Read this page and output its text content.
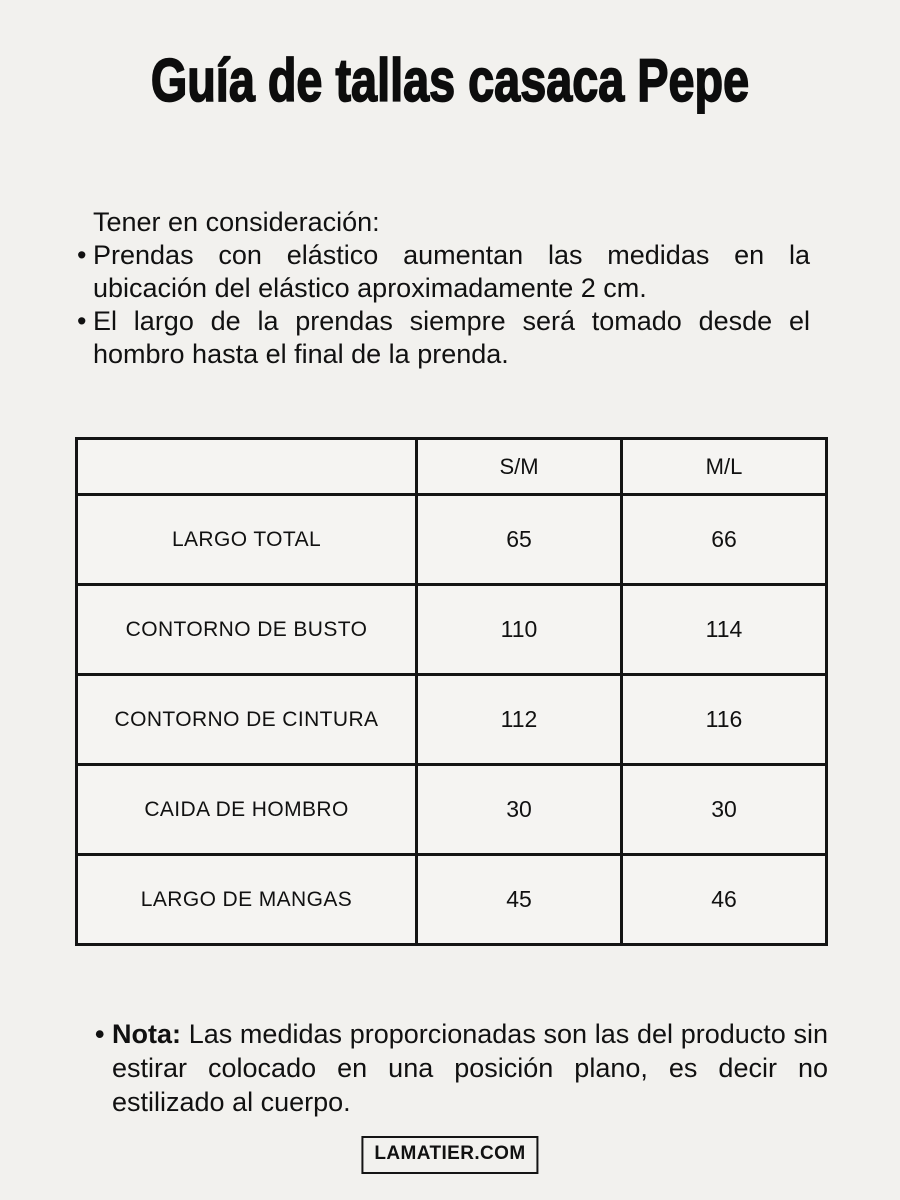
Guía de tallas casaca Pepe

Tener en consideración:

• Prendas con elástico aumentan las medidas en la ubicación del elástico aproximadamente 2 cm.
• El largo de la prendas siempre será tomado desde el hombro hasta el final de la prenda.
	S/M	M/L
LARGO TOTAL	65	66
CONTORNO DE BUSTO	110	114
CONTORNO DE CINTURA	112	116
CAIDA DE HOMBRO	30	30
LARGO DE MANGAS	45	46
• Nota: Las medidas proporcionadas son las del producto sin estirar colocado en una posición plano, es decir no estilizado al cuerpo.
LAMATIER.COM
